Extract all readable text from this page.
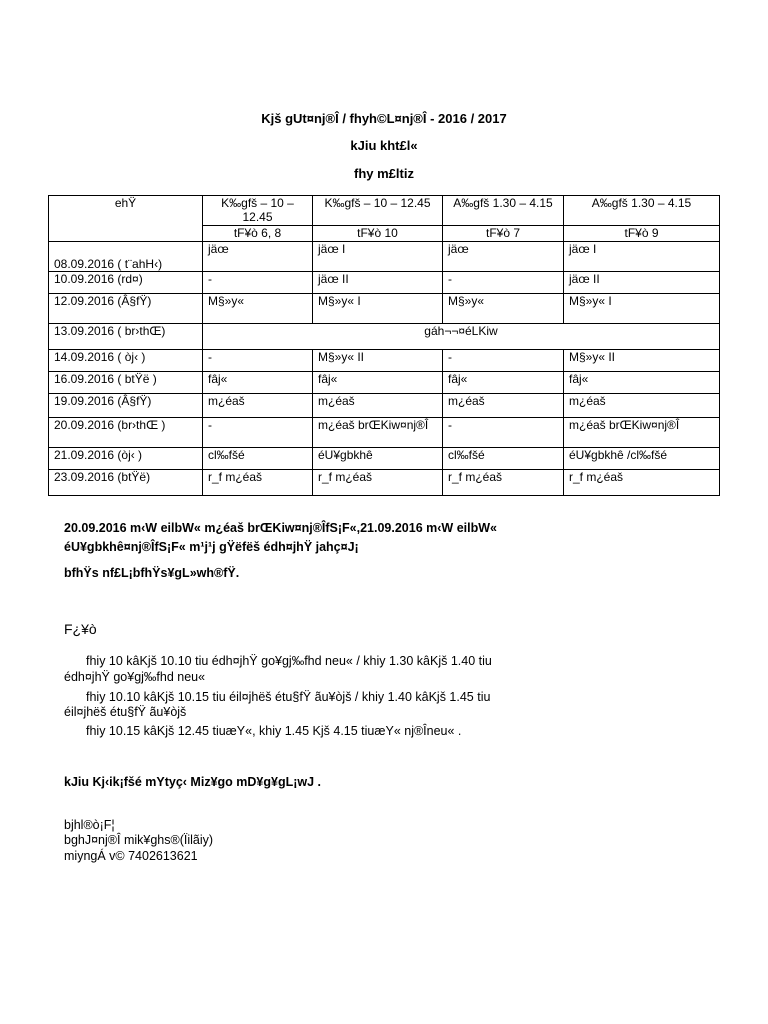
Kjš gUt¤nj®Î / fhyh©L¤nj®Î - 2016 / 2017
kJiu kht£l«
fhy m£ltiz
ehŸ	K‰gfš – 10 – 12.45	K‰gfš – 10 – 12.45	A‰gfš 1.30 – 4.15	A‰gfš 1.30 – 4.15
	tF¥ò 6, 8	tF¥ò 10	tF¥ò 7	tF¥ò 9
08.09.2016 ( t¨ahH‹)	jäœ	jäœ I	jäœ	jäœ I
10.09.2016 (rd¤)	-	jäœ II	-	jäœ II
12.09.2016 (Â§fŸ)	M§»y«	M§»y« I	M§»y«	M§»y« I
13.09.2016 ( br›thŒ)	gáh¬¬¤éLKiw			
14.09.2016 ( òj‹ )	-	M§»y« II	-	M§»y« II
16.09.2016 ( btŸë )	fâj«	fâj«	fâj«	fâj«
19.09.2016 (Â§fŸ)	m¿éaš	m¿éaš	m¿éaš	m¿éaš
20.09.2016 (br›thŒ )	-	m¿éaš brŒKiw¤nj®Î	-	m¿éaš brŒKiw¤nj®Î
21.09.2016 (òj‹ )	cl‰fšé	éU¥gbkhê	cl‰fšé	éU¥gbkhê /cl‰fšé
23.09.2016 (btŸë)	r_f m¿éaš	r_f m¿éaš	r_f m¿éaš	r_f m¿éaš
20.09.2016 m‹W eilbW« m¿éaš brŒKiw¤nj®ÎfS¡F«,21.09.2016 m‹W eilbW«
éU¥gbkhê¤nj®ÎfS¡F« m¹j¹j gŸëfëš édh¤jhŸ jahç¤J¡
bfhŸs nf£L¡bfhŸs¥gL»wh®fŸ.
F¿¥ò
fhiy 10 kâKjš 10.10 tiu édh¤jhŸ go¥gj‰fhd neu« / khiy 1.30 kâKjš 1.40 tiu
édh¤jhŸ go¥gj‰fhd neu«
fhiy 10.10 kâKjš 10.15 tiu éil¤jhëš étu§fŸ ãu¥òjš / khiy 1.40 kâKjš 1.45 tiu
éil¤jhëš étu§fŸ ãu¥òjš
fhiy 10.15 kâKjš 12.45 tiuæY«, khiy 1.45 Kjš 4.15 tiuæY« nj®Îneu« .
kJiu Kj‹ik¡fšé mYtyç‹ Miz¥go mD¥g¥gL¡wJ .
bjhl®ò¡F¦
bghJ¤nj®Î mik¥ghs®(Ïilãiy)
miyngÁ v© 7402613621
